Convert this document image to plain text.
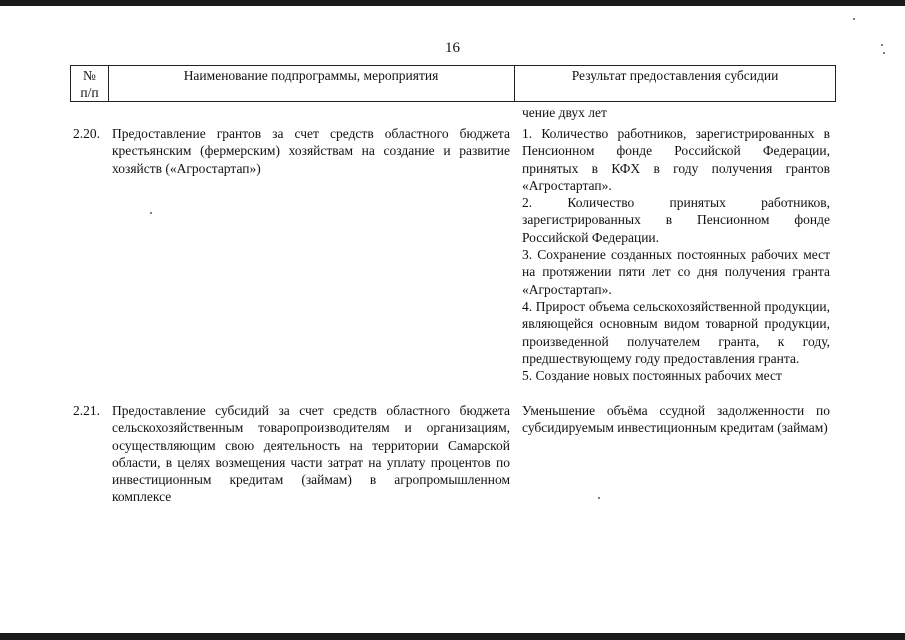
16
№
п/п
Наименование подпрограммы, мероприятия	Результат предоставления субсидии
чение двух лет
2.20. Предоставление грантов за счет средств областного бюджета крестьянским (фермерским) хозяйствам на создание и развитие хозяйств («Агростартап»)
1. Количество работников, зарегистрированных в Пенсионном фонде Российской Федерации, принятых в КФХ в году получения грантов «Агростартап».
2. Количество принятых работников, зарегистрированных в Пенсионном фонде Российской Федерации.
3. Сохранение созданных постоянных рабочих мест на протяжении пяти лет со дня получения гранта «Агростартап».
4. Прирост объема сельскохозяйственной продукции, являющейся основным видом товарной продукции, произведенной получателем гранта, к году, предшествующему году предоставления гранта.
5. Создание новых постоянных рабочих мест
2.21. Предоставление субсидий за счет средств областного бюджета сельскохозяйственным товаропроизводителям и организациям, осуществляющим свою деятельность на территории Самарской области, в целях возмещения части затрат на уплату процентов по инвестиционным кредитам (займам) в агропромышленном комплексе
Уменьшение объёма ссудной задолженности по субсидируемым инвестиционным кредитам (займам)
